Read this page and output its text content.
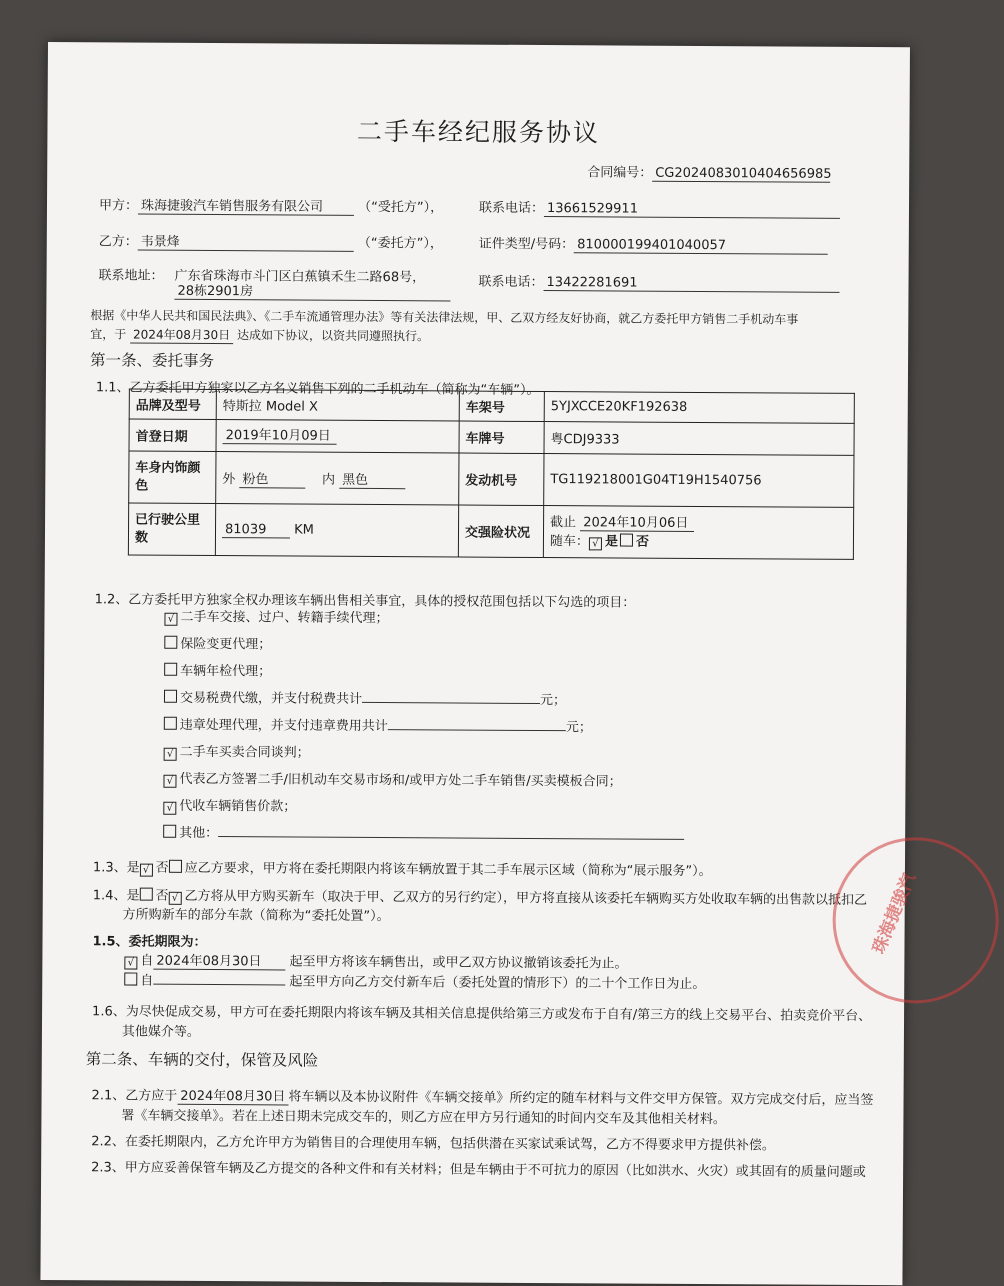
二手车经纪服务协议
合同编号： CG2024083010404656985
甲方： 珠海捷骏汽车销售服务有限公司	（“受托方”），	联系电话： 13661529911
乙方： 韦景烽	（“委托方”），	证件类型/号码： 810000199401040057
联系地址： 广东省珠海市斗门区白蕉镇禾生二路68号，
28栋2901房
联系电话： 13422281691
根据《中华人民共和国民法典》、《二手车流通管理办法》等有关法律法规，甲、乙双方经友好协商，就乙方委托甲方销售二手机动车事
宜，于 2024年08月30日 达成如下协议，以资共同遵照执行。
第一条、委托事务
1.1、乙方委托甲方独家以乙方名义销售下列的二手机动车（简称为“车辆”）。
品牌及型号	特斯拉 Model X	车架号	5YJXCCE20KF192638
首登日期	2019年10月09日	车牌号	粤CDJ9333
车身内饰颜色	外 粉色 内 黑色	发动机号	TG119218001G04T19H1540756
已行驶公里数	81039 KM	交强险状况	截止 2024年10月06日
随车： √ 是 否
1.2、乙方委托甲方独家全权办理该车辆出售相关事宜，具体的授权范围包括以下勾选的项目：
√ 二手车交接、过户、转籍手续代理；
保险变更代理；
车辆年检代理；
交易税费代缴，并支付税费共计	元；
违章处理代理，并支付违章费用共计	元；
√ 二手车买卖合同谈判；
√ 代表乙方签署二手/旧机动车交易市场和/或甲方处二手车销售/买卖模板合同；
√ 代收车辆销售价款；
其他：
1.3、是 √ 否 应乙方要求，甲方将在委托期限内将该车辆放置于其二手车展示区域（简称为“展示服务”）。
1.4、是 否 √ 乙方将从甲方购买新车（取决于甲、乙双方的另行约定），甲方将直接从该委托车辆购买方处收取车辆的出售款以抵扣乙
方所购新车的部分车款（简称为“委托处置”）。
1.5、委托期限为：
√ 自 2024年08月30日 起至甲方将该车辆售出，或甲乙双方协议撤销该委托为止。
自	起至甲方向乙方交付新车后（委托处置的情形下）的二十个工作日为止。
1.6、为尽快促成交易，甲方可在委托期限内将该车辆及其相关信息提供给第三方或发布于自有/第三方的线上交易平台、拍卖竞价平台、
其他媒介等。
第二条、车辆的交付，保管及风险
2.1、乙方应于 2024年08月30日 将车辆以及本协议附件《车辆交接单》所约定的随车材料与文件交甲方保管。双方完成交付后，应当签
署《车辆交接单》。若在上述日期未完成交车的，则乙方应在甲方另行通知的时间内交车及其他相关材料。
2.2、在委托期限内，乙方允许甲方为销售目的合理使用车辆，包括供潜在买家试乘试驾，乙方不得要求甲方提供补偿。
2.3、甲方应妥善保管车辆及乙方提交的各种文件和有关材料；但是车辆由于不可抗力的原因（比如洪水、火灾）或其固有的质量问题或
珠海捷骏汽
